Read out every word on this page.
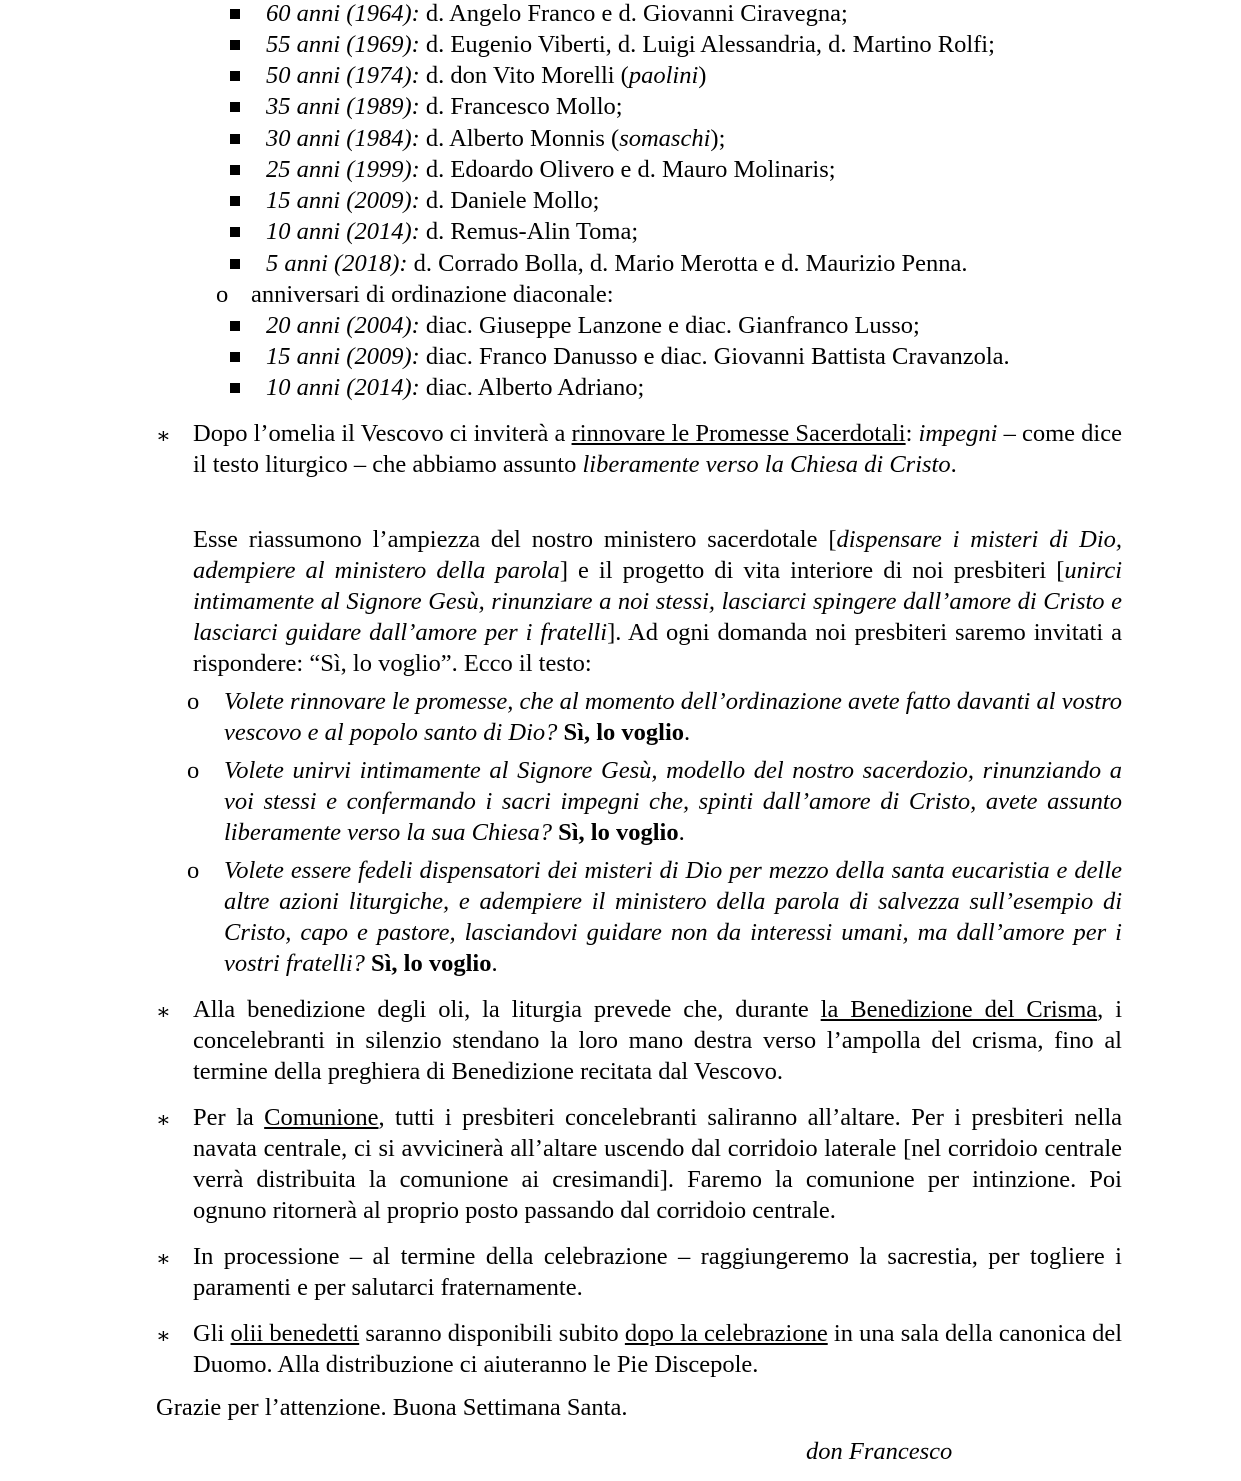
60 anni (1964): d. Angelo Franco e d. Giovanni Ciravegna;
55 anni (1969): d. Eugenio Viberti, d. Luigi Alessandria, d. Martino Rolfi;
50 anni (1974): d. don Vito Morelli (paolini)
35 anni (1989): d. Francesco Mollo;
30 anni (1984): d. Alberto Monnis (somaschi);
25 anni (1999): d. Edoardo Olivero e d. Mauro Molinaris;
15 anni (2009): d. Daniele Mollo;
10 anni (2014): d. Remus-Alin Toma;
5 anni (2018): d. Corrado Bolla, d. Mario Merotta e d. Maurizio Penna.
o anniversari di ordinazione diaconale:
20 anni (2004): diac. Giuseppe Lanzone e diac. Gianfranco Lusso;
15 anni (2009): diac. Franco Danusso e diac. Giovanni Battista Cravanzola.
10 anni (2014): diac. Alberto Adriano;
∗ Dopo l’omelia il Vescovo ci inviterà a rinnovare le Promesse Sacerdotali: impegni – come dice il testo liturgico – che abbiamo assunto liberamente verso la Chiesa di Cristo.
Esse riassumono l’ampiezza del nostro ministero sacerdotale [dispensare i misteri di Dio, adempiere al ministero della parola] e il progetto di vita interiore di noi presbiteri [unirci intimamente al Signore Gesù, rinunziare a noi stessi, lasciarci spingere dall’amore di Cristo e lasciarci guidare dall’amore per i fratelli]. Ad ogni domanda noi presbiteri saremo invitati a rispondere: “Sì, lo voglio”. Ecco il testo:
o Volete rinnovare le promesse, che al momento dell’ordinazione avete fatto davanti al vostro vescovo e al popolo santo di Dio? Sì, lo voglio.
o Volete unirvi intimamente al Signore Gesù, modello del nostro sacerdozio, rinunziando a voi stessi e confermando i sacri impegni che, spinti dall’amore di Cristo, avete assunto liberamente verso la sua Chiesa? Sì, lo voglio.
o Volete essere fedeli dispensatori dei misteri di Dio per mezzo della santa eucaristia e delle altre azioni liturgiche, e adempiere il ministero della parola di salvezza sull’esempio di Cristo, capo e pastore, lasciandovi guidare non da interessi umani, ma dall’amore per i vostri fratelli? Sì, lo voglio.
∗ Alla benedizione degli oli, la liturgia prevede che, durante la Benedizione del Crisma, i concelebranti in silenzio stendano la loro mano destra verso l’ampolla del crisma, fino al termine della preghiera di Benedizione recitata dal Vescovo.
∗ Per la Comunione, tutti i presbiteri concelebranti saliranno all’altare. Per i presbiteri nella navata centrale, ci si avvicinerà all’altare uscendo dal corridoio laterale [nel corridoio centrale verrà distribuita la comunione ai cresimandi]. Faremo la comunione per intinzione. Poi ognuno ritornerà al proprio posto passando dal corridoio centrale.
∗ In processione – al termine della celebrazione – raggiungeremo la sacrestia, per togliere i paramenti e per salutarci fraternamente.
∗ Gli olii benedetti saranno disponibili subito dopo la celebrazione in una sala della canonica del Duomo. Alla distribuzione ci aiuteranno le Pie Discepole.
Grazie per l’attenzione. Buona Settimana Santa.
don Francesco
